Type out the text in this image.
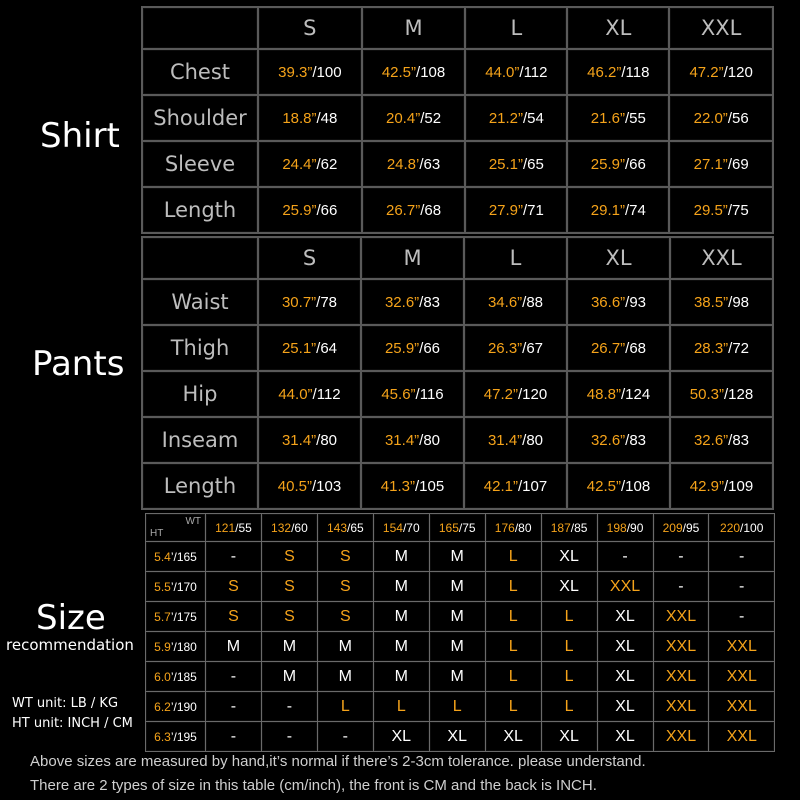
Shirt
Pants
Size
recommendation
WT unit: LB / KG
HT unit: INCH / CM
	S	M	L	XL	XXL
Chest	39.3”/100	42.5”/108	44.0”/112	46.2”/118	47.2”/120
Shoulder	18.8”/48	20.4”/52	21.2”/54	21.6”/55	22.0”/56
Sleeve	24.4”/62	24.8’/63	25.1”/65	25.9”/66	27.1”/69
Length	25.9”/66	26.7”/68	27.9”/71	29.1”/74	29.5”/75
	S	M	L	XL	XXL
Waist	30.7”/78	32.6”/83	34.6”/88	36.6”/93	38.5”/98
Thigh	25.1”/64	25.9”/66	26.3”/67	26.7”/68	28.3”/72
Hip	44.0”/112	45.6”/116	47.2”/120	48.8”/124	50.3”/128
Inseam	31.4”/80	31.4”/80	31.4”/80	32.6”/83	32.6”/83
Length	40.5”/103	41.3”/105	42.1”/107	42.5”/108	42.9”/109
WT
HT	121/55	132/60	143/65	154/70	165/75	176/80	187/85	198/90	209/95	220/100
5.4’/165	-	S	S	M	M	L	XL	-	-	-
5.5’/170	S	S	S	M	M	L	XL	XXL	-	-
5.7’/175	S	S	S	M	M	L	L	XL	XXL	-
5.9’/180	M	M	M	M	M	L	L	XL	XXL	XXL
6.0’/185	-	M	M	M	M	L	L	XL	XXL	XXL
6.2’/190	-	-	L	L	L	L	L	XL	XXL	XXL
6.3’/195	-	-	-	XL	XL	XL	XL	XL	XXL	XXL
Above sizes are measured by hand,it’s normal if there’s 2-3cm tolerance. please understand.
There are 2 types of size in this table (cm/inch), the front is CM and the back is INCH.
